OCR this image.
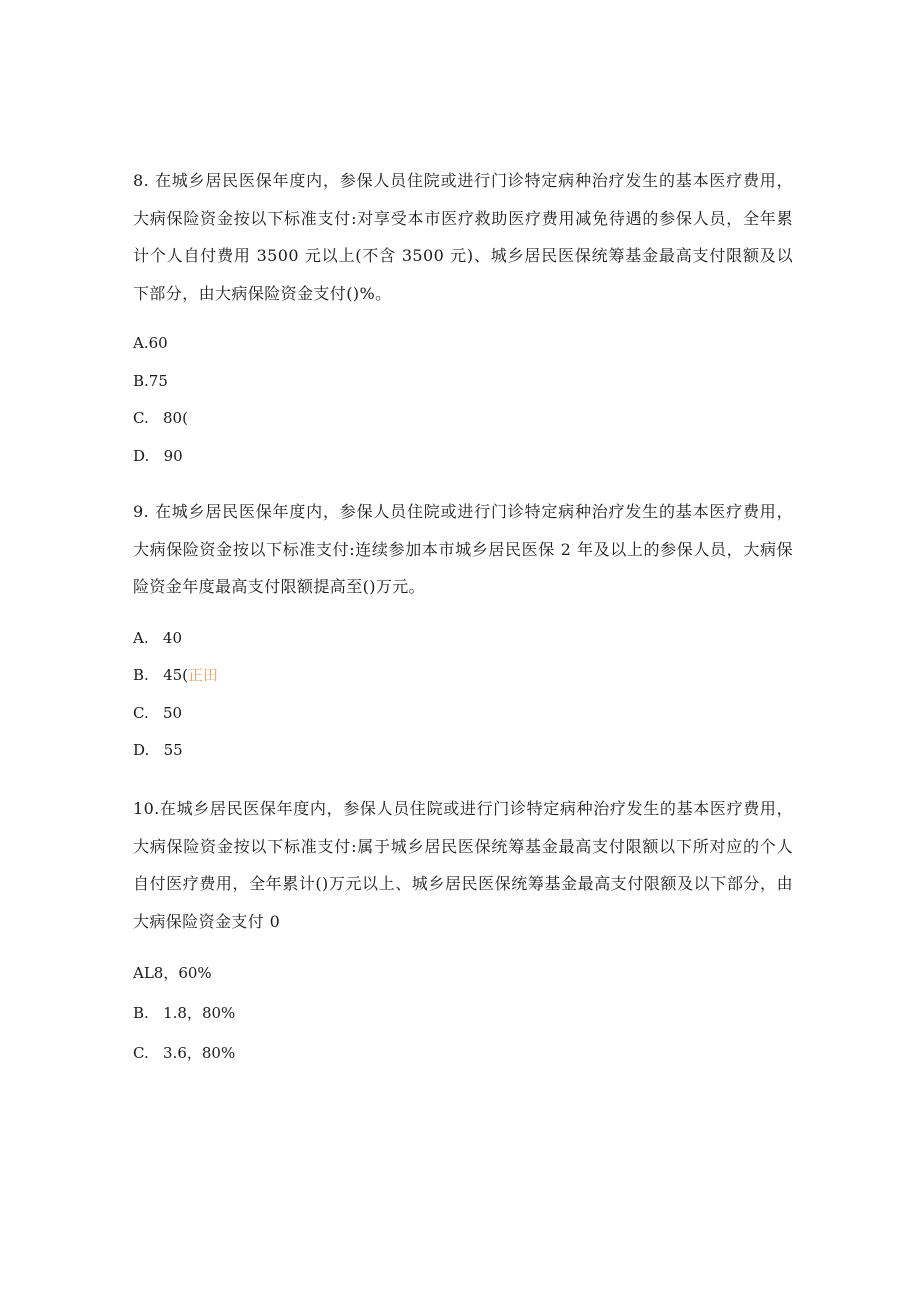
8. 在城乡居民医保年度内，参保人员住院或进行门诊特定病种治疗发生的基本医疗费用，大病保险资金按以下标准支付:对享受本市医疗救助医疗费用减免待遇的参保人员，全年累计个人自付费用 3500 元以上(不含 3500 元)、城乡居民医保统筹基金最高支付限额及以下部分，由大病保险资金支付()%。

A.60
B.75
C.   80(
D.   90

9. 在城乡居民医保年度内，参保人员住院或进行门诊特定病种治疗发生的基本医疗费用，大病保险资金按以下标准支付:连续参加本市城乡居民医保 2 年及以上的参保人员，大病保险资金年度最高支付限额提高至()万元。

A.   40
B.   45(正田
C.   50
D.   55

10.在城乡居民医保年度内，参保人员住院或进行门诊特定病种治疗发生的基本医疗费用，大病保险资金按以下标准支付:属于城乡居民医保统筹基金最高支付限额以下所对应的个人自付医疗费用，全年累计()万元以上、城乡居民医保统筹基金最高支付限额及以下部分，由大病保险资金支付 0

AL8，60%
B.   1.8，80%
C.   3.6，80%
